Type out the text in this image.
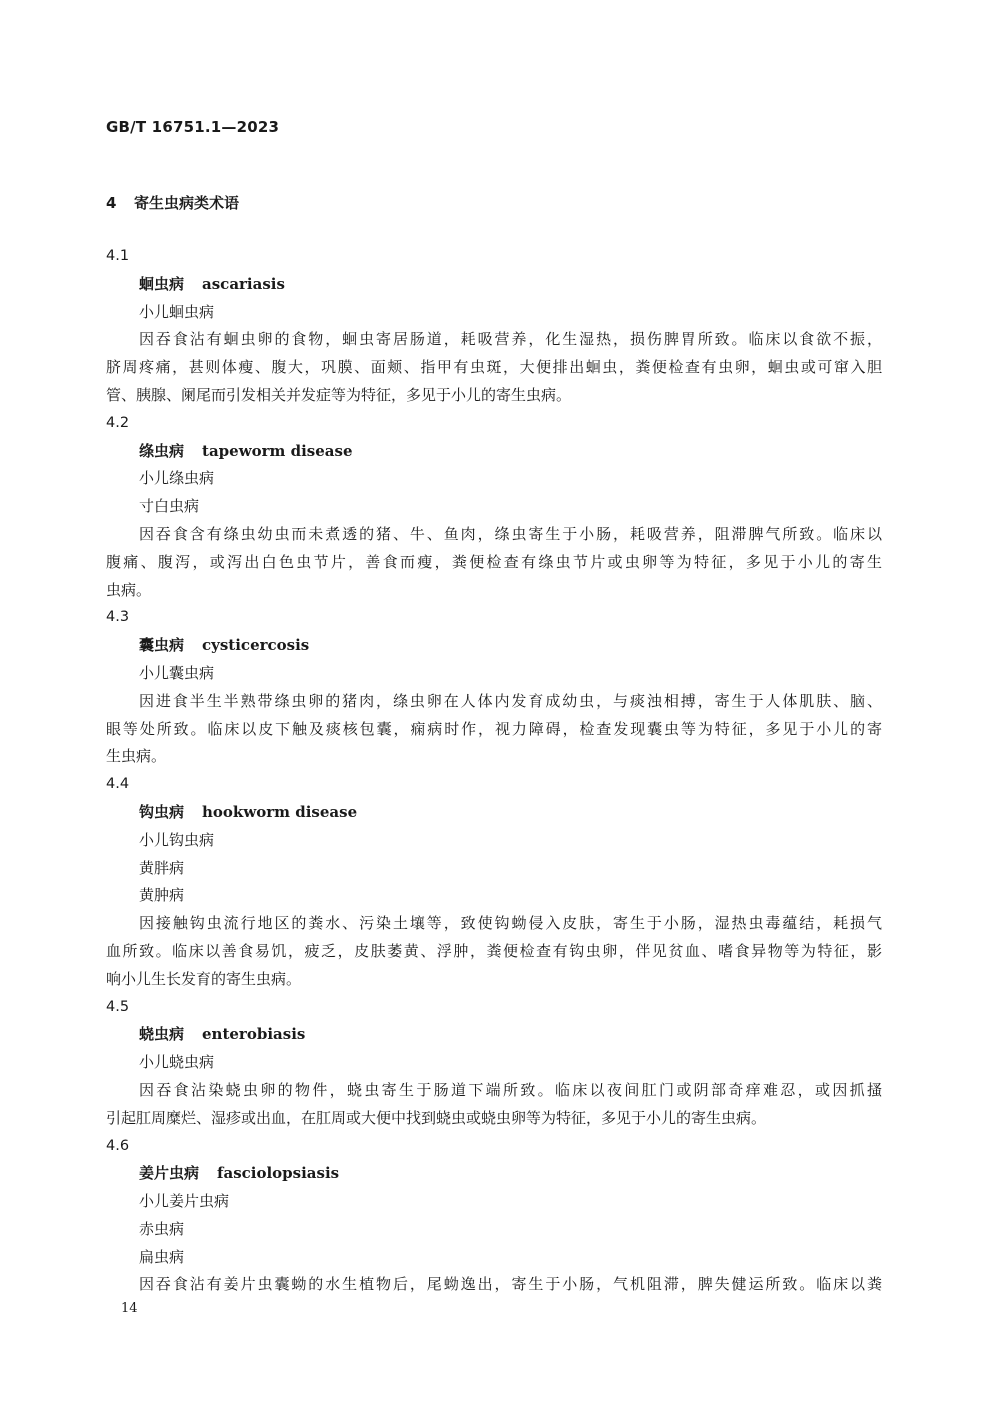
GB/T 16751.1—2023
4 寄生虫病类术语
4.1
蛔虫病 ascariasis
小儿蛔虫病
因吞食沾有蛔虫卵的食物，蛔虫寄居肠道，耗吸营养，化生湿热，损伤脾胃所致。临床以食欲不振，
脐周疼痛，甚则体瘦、腹大，巩膜、面颊、指甲有虫斑，大便排出蛔虫，粪便检查有虫卵，蛔虫或可窜入胆
管、胰腺、阑尾而引发相关并发症等为特征，多见于小儿的寄生虫病。
4.2
绦虫病 tapeworm disease
小儿绦虫病
寸白虫病
因吞食含有绦虫幼虫而未煮透的猪、牛、鱼肉，绦虫寄生于小肠，耗吸营养，阻滞脾气所致。临床以
腹痛、腹泻，或泻出白色虫节片，善食而瘦，粪便检查有绦虫节片或虫卵等为特征，多见于小儿的寄生
虫病。
4.3
囊虫病 cysticercosis
小儿囊虫病
因进食半生半熟带绦虫卵的猪肉，绦虫卵在人体内发育成幼虫，与痰浊相搏，寄生于人体肌肤、脑、
眼等处所致。临床以皮下触及痰核包囊，痫病时作，视力障碍，检查发现囊虫等为特征，多见于小儿的寄
生虫病。
4.4
钩虫病 hookworm disease
小儿钩虫病
黄胖病
黄肿病
因接触钩虫流行地区的粪水、污染土壤等，致使钩蚴侵入皮肤，寄生于小肠，湿热虫毒蕴结，耗损气
血所致。临床以善食易饥，疲乏，皮肤萎黄、浮肿，粪便检查有钩虫卵，伴见贫血、嗜食异物等为特征，影
响小儿生长发育的寄生虫病。
4.5
蛲虫病 enterobiasis
小儿蛲虫病
因吞食沾染蛲虫卵的物件，蛲虫寄生于肠道下端所致。临床以夜间肛门或阴部奇痒难忍，或因抓搔
引起肛周糜烂、湿疹或出血，在肛周或大便中找到蛲虫或蛲虫卵等为特征，多见于小儿的寄生虫病。
4.6
姜片虫病 fasciolopsiasis
小儿姜片虫病
赤虫病
扁虫病
因吞食沾有姜片虫囊蚴的水生植物后，尾蚴逸出，寄生于小肠，气机阻滞，脾失健运所致。临床以粪
14
